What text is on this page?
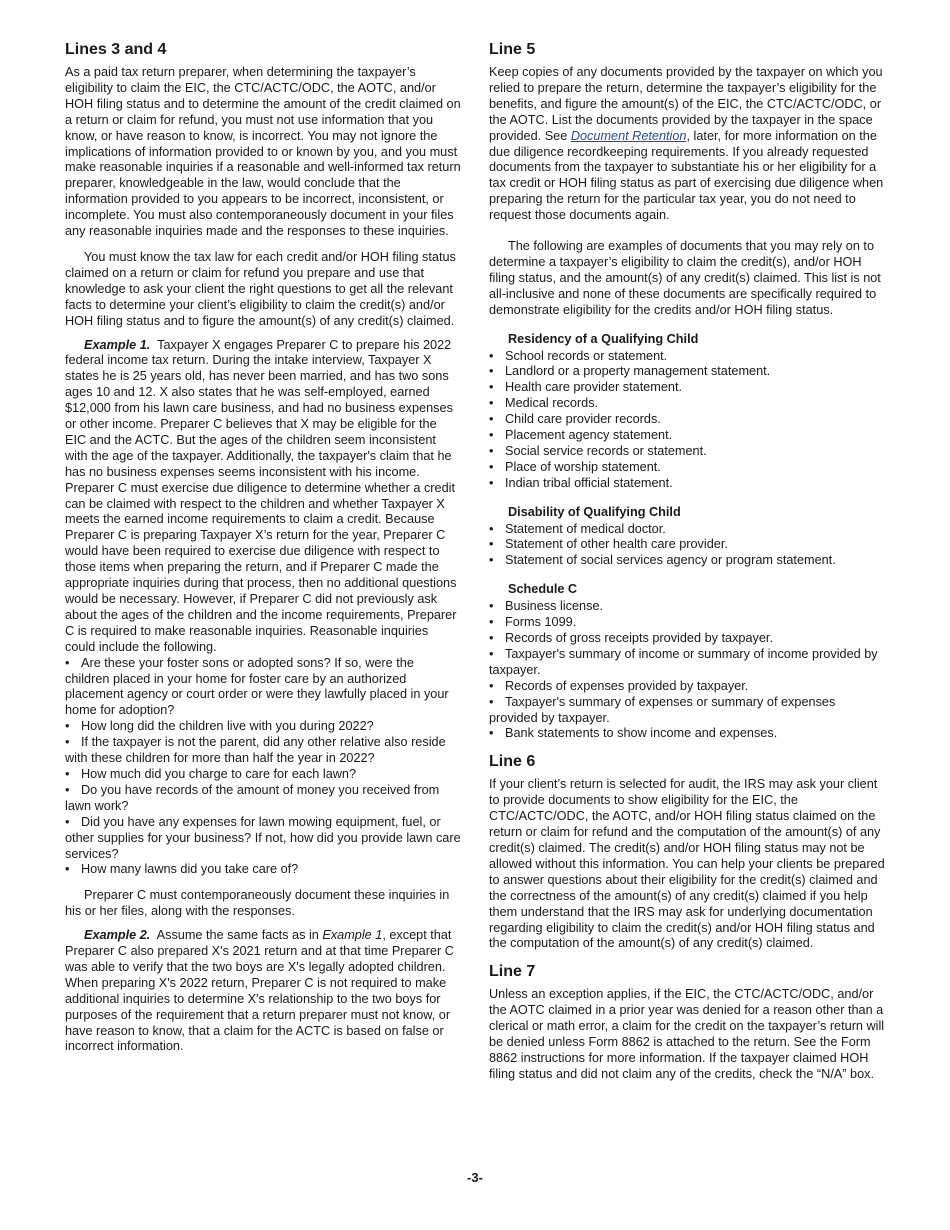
Lines 3 and 4

As a paid tax return preparer, when determining the taxpayer’s eligibility to claim the EIC, the CTC/ACTC/ODC, the AOTC, and/or HOH filing status and to determine the amount of the credit claimed on a return or claim for refund, you must not use information that you know, or have reason to know, is incorrect. You may not ignore the implications of information provided to or known by you, and you must make reasonable inquiries if a reasonable and well-informed tax return preparer, knowledgeable in the law, would conclude that the information provided to you appears to be incorrect, inconsistent, or incomplete. You must also contemporaneously document in your files any reasonable inquiries made and the responses to these inquiries.

You must know the tax law for each credit and/or HOH filing status claimed on a return or claim for refund you prepare and use that knowledge to ask your client the right questions to get all the relevant facts to determine your client’s eligibility to claim the credit(s) and/or HOH filing status and to figure the amount(s) of any credit(s) claimed.

Example 1. Taxpayer X engages Preparer C to prepare his 2022 federal income tax return. During the intake interview, Taxpayer X states he is 25 years old, has never been married, and has two sons ages 10 and 12. X also states that he was self-employed, earned $12,000 from his lawn care business, and had no business expenses or other income. Preparer C believes that X may be eligible for the EIC and the ACTC. But the ages of the children seem inconsistent with the age of the taxpayer. Additionally, the taxpayer's claim that he has no business expenses seems inconsistent with his income. Preparer C must exercise due diligence to determine whether a credit can be claimed with respect to the children and whether Taxpayer X meets the earned income requirements to claim a credit. Because Preparer C is preparing Taxpayer X’s return for the year, Preparer C would have been required to exercise due diligence with respect to those items when preparing the return, and if Preparer C made the appropriate inquiries during that process, then no additional questions would be necessary. However, if Preparer C did not previously ask about the ages of the children and the income requirements, Preparer C is required to make reasonable inquiries. Reasonable inquiries could include the following.

• Are these your foster sons or adopted sons? If so, were the children placed in your home for foster care by an authorized placement agency or court order or were they lawfully placed in your home for adoption?
• How long did the children live with you during 2022?
• If the taxpayer is not the parent, did any other relative also reside with these children for more than half the year in 2022?
• How much did you charge to care for each lawn?
• Do you have records of the amount of money you received from lawn work?
• Did you have any expenses for lawn mowing equipment, fuel, or other supplies for your business? If not, how did you provide lawn care services?
• How many lawns did you take care of?

Preparer C must contemporaneously document these inquiries in his or her files, along with the responses.

Example 2. Assume the same facts as in Example 1, except that Preparer C also prepared X's 2021 return and at that time Preparer C was able to verify that the two boys are X's legally adopted children. When preparing X's 2022 return, Preparer C is not required to make additional inquiries to determine X's relationship to the two boys for purposes of the requirement that a return preparer must not know, or have reason to know, that a claim for the ACTC is based on false or incorrect information.

Line 5

Keep copies of any documents provided by the taxpayer on which you relied to prepare the return, determine the taxpayer’s eligibility for the benefits, and figure the amount(s) of the EIC, the CTC/ACTC/ODC, or the AOTC. List the documents provided by the taxpayer in the space provided. See Document Retention, later, for more information on the due diligence recordkeeping requirements. If you already requested documents from the taxpayer to substantiate his or her eligibility for a tax credit or HOH filing status as part of exercising due diligence when preparing the return for the particular tax year, you do not need to request those documents again.

The following are examples of documents that you may rely on to determine a taxpayer’s eligibility to claim the credit(s), and/or HOH filing status, and the amount(s) of any credit(s) claimed. This list is not all-inclusive and none of these documents are specifically required to demonstrate eligibility for the credits and/or HOH filing status.

Residency of a Qualifying Child
• School records or statement.
• Landlord or a property management statement.
• Health care provider statement.
• Medical records.
• Child care provider records.
• Placement agency statement.
• Social service records or statement.
• Place of worship statement.
• Indian tribal official statement.
Disability of Qualifying Child
• Statement of medical doctor.
• Statement of other health care provider.
• Statement of social services agency or program statement.
Schedule C
• Business license.
• Forms 1099.
• Records of gross receipts provided by taxpayer.
• Taxpayer's summary of income or summary of income provided by taxpayer.
• Records of expenses provided by taxpayer.
• Taxpayer's summary of expenses or summary of expenses provided by taxpayer.
• Bank statements to show income and expenses.
Line 6

If your client’s return is selected for audit, the IRS may ask your client to provide documents to show eligibility for the EIC, the CTC/ACTC/ODC, the AOTC, and/or HOH filing status claimed on the return or claim for refund and the computation of the amount(s) of any credit(s) claimed. The credit(s) and/or HOH filing status may not be allowed without this information. You can help your clients be prepared to answer questions about their eligibility for the credit(s) claimed and the correctness of the amount(s) of any credit(s) claimed if you help them understand that the IRS may ask for underlying documentation regarding eligibility to claim the credit(s) and/or HOH filing status and the computation of the amount(s) of any credit(s) claimed.

Line 7

Unless an exception applies, if the EIC, the CTC/ACTC/ODC, and/or the AOTC claimed in a prior year was denied for a reason other than a clerical or math error, a claim for the credit on the taxpayer’s return will be denied unless Form 8862 is attached to the return. See the Form 8862 instructions for more information. If the taxpayer claimed HOH filing status and did not claim any of the credits, check the “N/A” box.

-3-
